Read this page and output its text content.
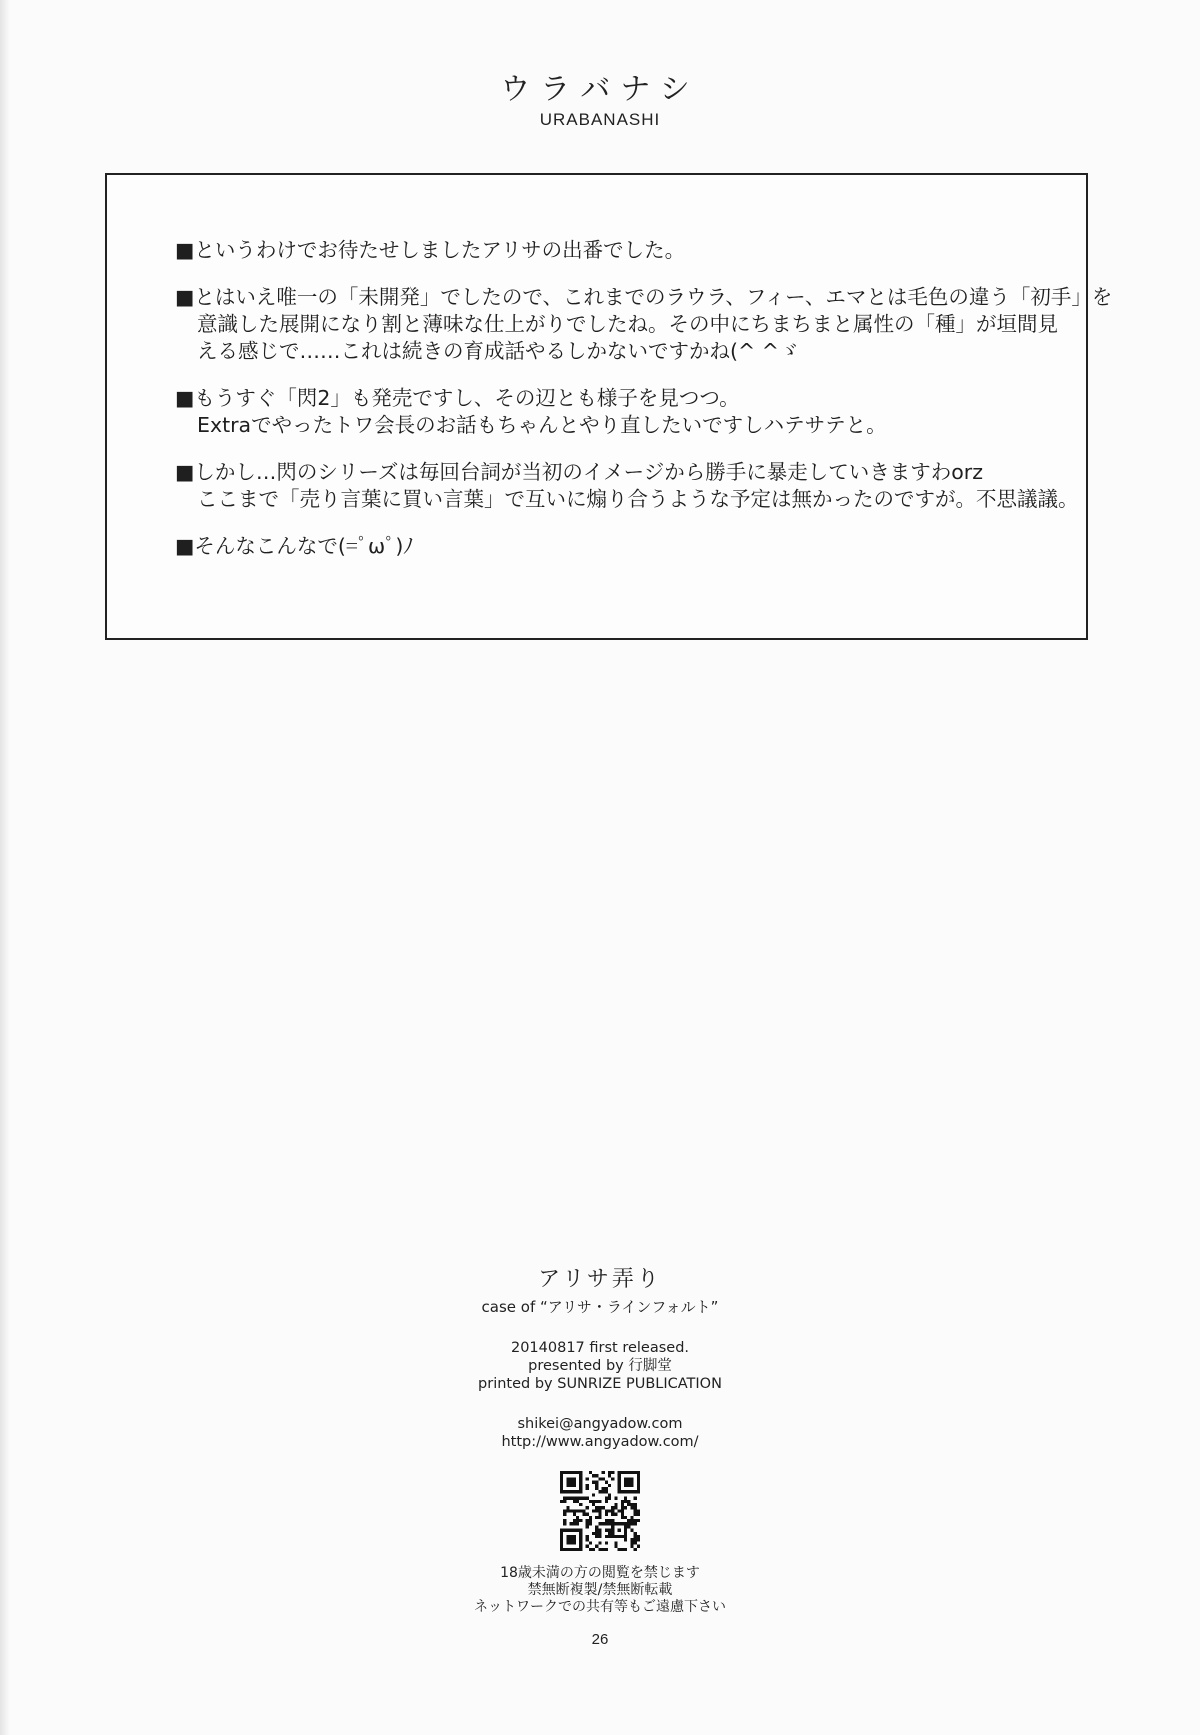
ウラバナシ
URABANASHI
■というわけでお待たせしましたアリサの出番でした。
■とはいえ唯一の「未開発」でしたので、これまでのラウラ、フィー、エマとは毛色の違う「初手」を
意識した展開になり割と薄味な仕上がりでしたね。その中にちまちまと属性の「種」が垣間見
える感じで……これは続きの育成話やるしかないですかね(^ ^ゞ
■もうすぐ「閃2」も発売ですし、その辺とも様子を見つつ。
Extraでやったトワ会長のお話もちゃんとやり直したいですしハテサテと。
■しかし…閃のシリーズは毎回台詞が当初のイメージから勝手に暴走していきますわorz
ここまで「売り言葉に買い言葉」で互いに煽り合うような予定は無かったのですが。不思議議。
■そんなこんなで(=ﾟωﾟ)ﾉ
アリサ弄り
case of “アリサ・ラインフォルト”
20140817 first released.
presented by 行脚堂
printed by SUNRIZE PUBLICATION
shikei@angyadow.com
http://www.angyadow.com/
18歳未満の方の閲覧を禁じます
禁無断複製/禁無断転載
ネットワークでの共有等もご遠慮下さい
26
